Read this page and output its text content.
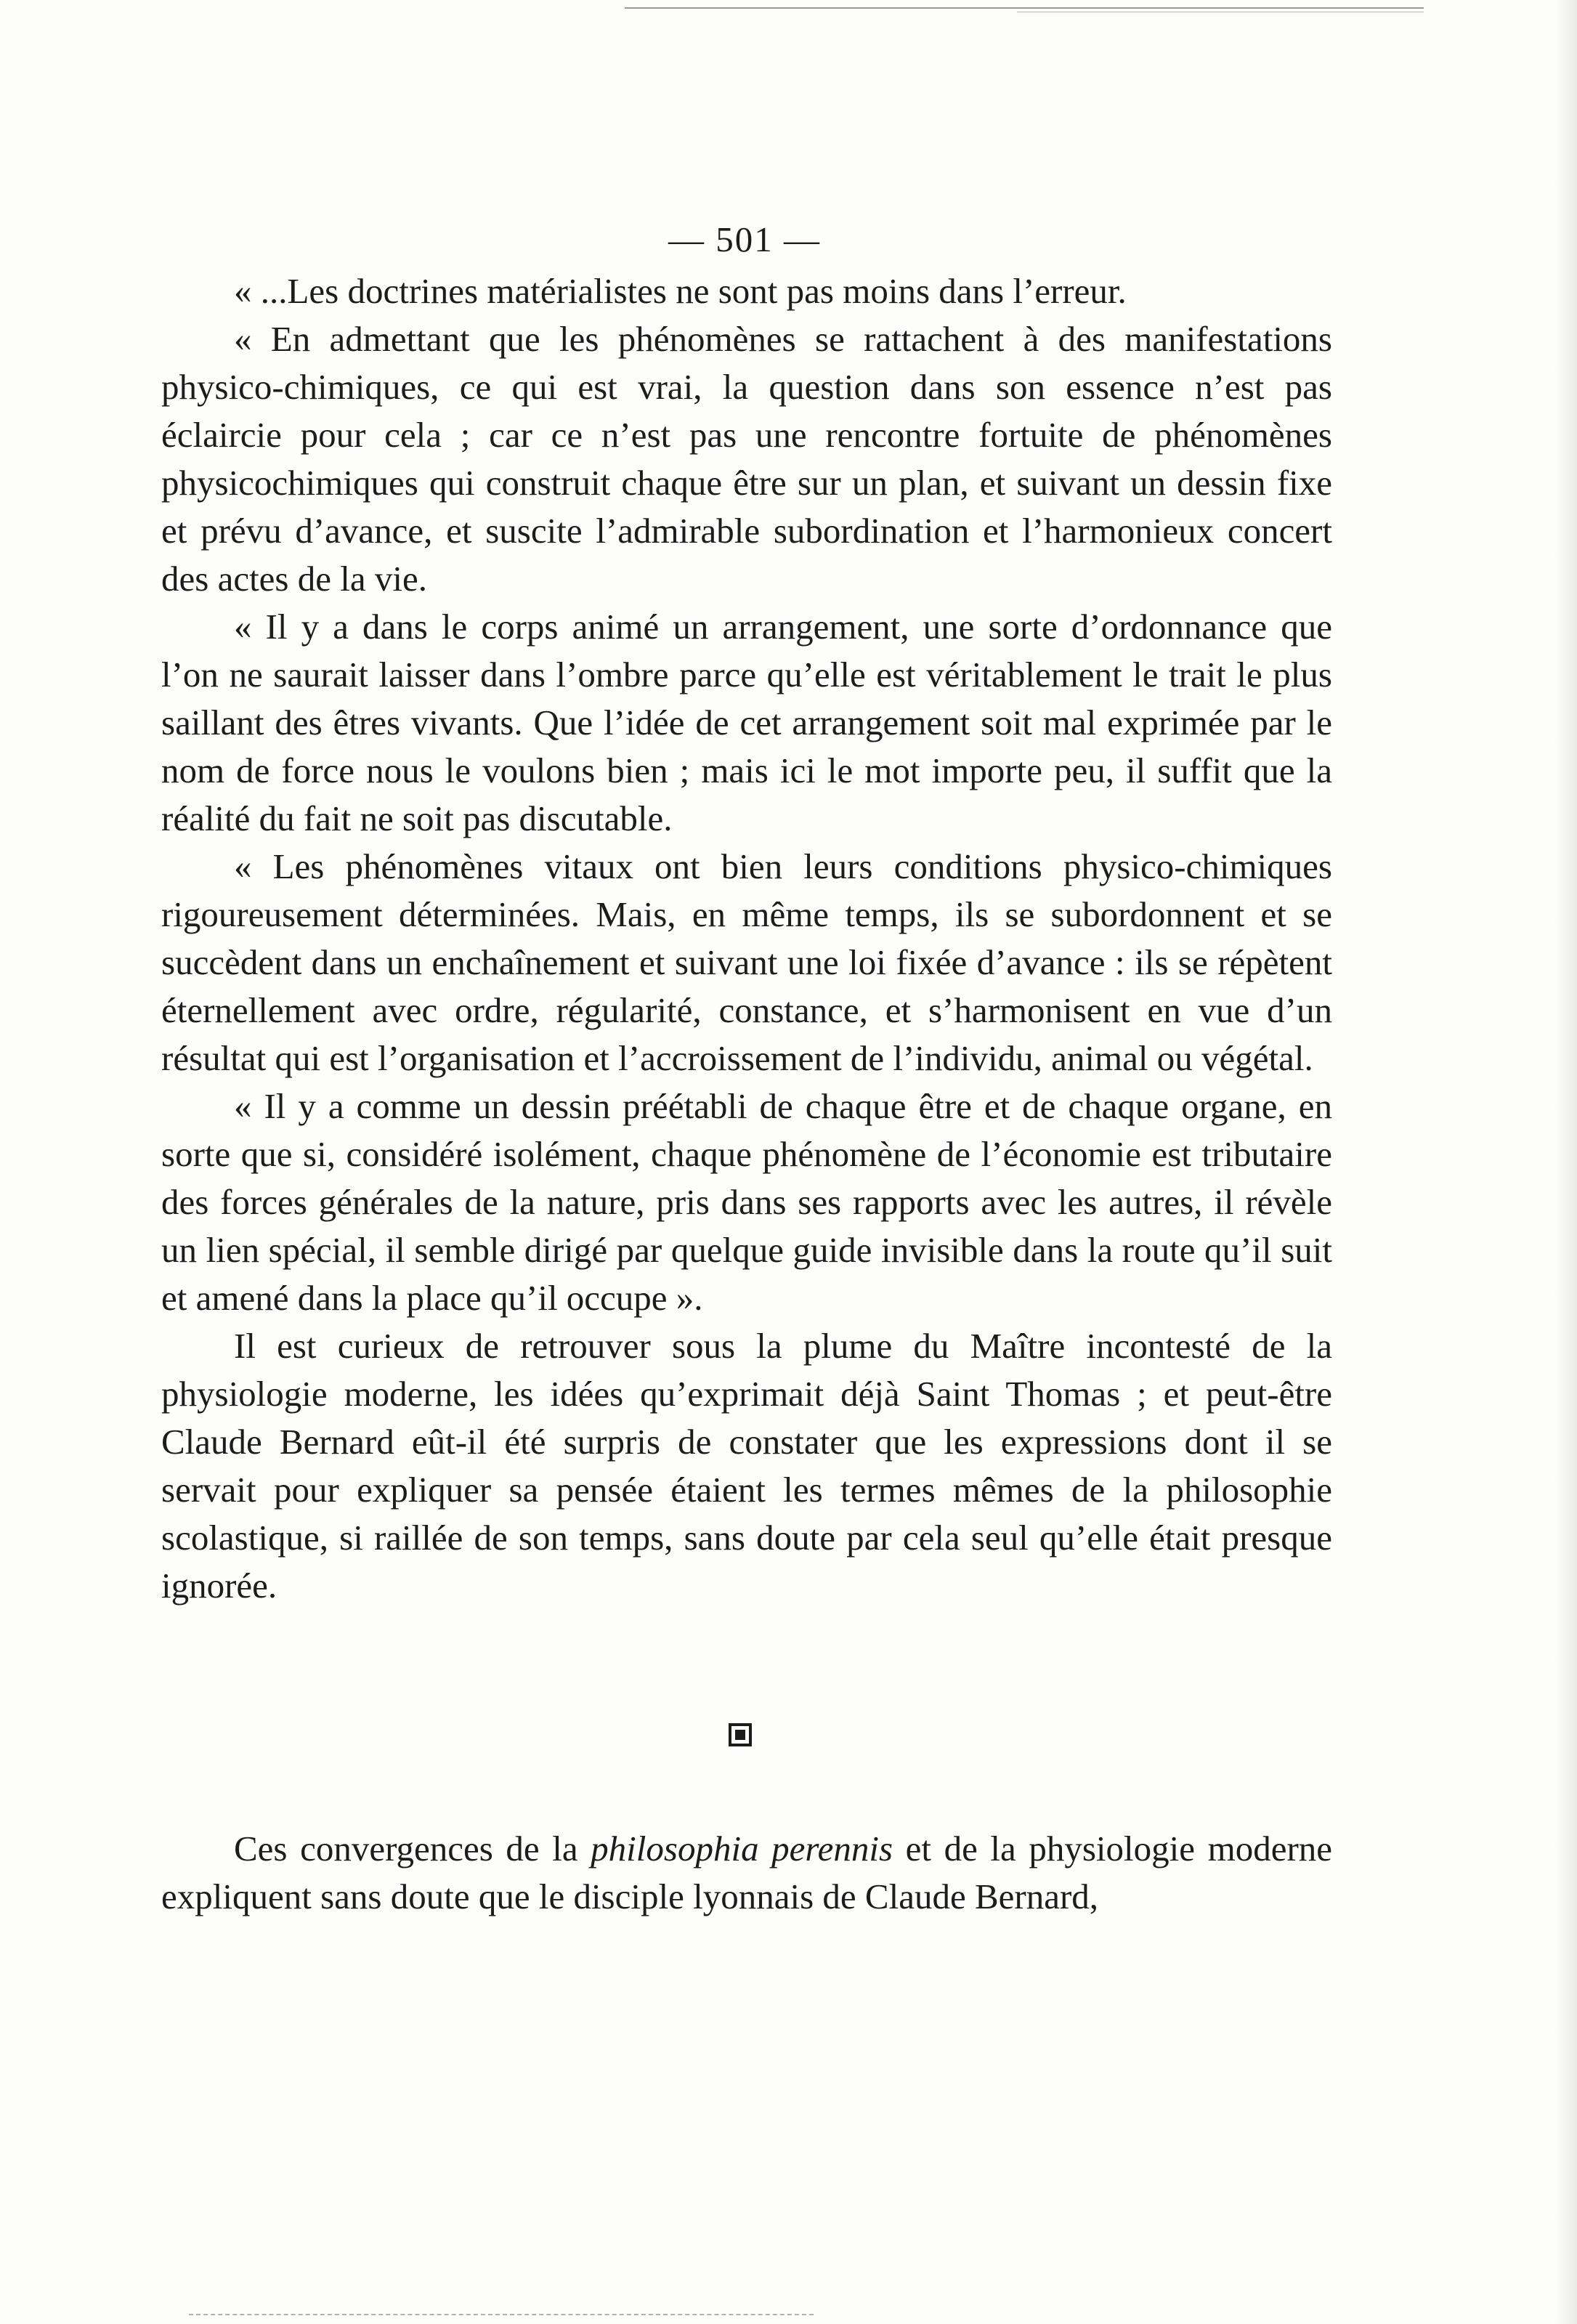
— 501 —

« ...Les doctrines matérialistes ne sont pas moins dans l’erreur.

« En admettant que les phénomènes se rattachent à des manifestations physico-chimiques, ce qui est vrai, la question dans son essence n’est pas éclaircie pour cela ; car ce n’est pas une rencontre fortuite de phénomènes physicochimiques qui construit chaque être sur un plan, et suivant un dessin fixe et prévu d’avance, et suscite l’admirable subordination et l’harmonieux concert des actes de la vie.

« Il y a dans le corps animé un arrangement, une sorte d’ordonnance que l’on ne saurait laisser dans l’ombre parce qu’elle est véritablement le trait le plus saillant des êtres vivants. Que l’idée de cet arrangement soit mal exprimée par le nom de force nous le voulons bien ; mais ici le mot importe peu, il suffit que la réalité du fait ne soit pas discutable.

« Les phénomènes vitaux ont bien leurs conditions physico-chimiques rigoureusement déterminées. Mais, en même temps, ils se subordonnent et se succèdent dans un enchaînement et suivant une loi fixée d’avance : ils se répètent éternellement avec ordre, régularité, constance, et s’harmonisent en vue d’un résultat qui est l’organisation et l’accroissement de l’individu, animal ou végétal.

« Il y a comme un dessin préétabli de chaque être et de chaque organe, en sorte que si, considéré isolément, chaque phénomène de l’économie est tributaire des forces générales de la nature, pris dans ses rapports avec les autres, il révèle un lien spécial, il semble dirigé par quelque guide invisible dans la route qu’il suit et amené dans la place qu’il occupe ».

Il est curieux de retrouver sous la plume du Maître incontesté de la physiologie moderne, les idées qu’exprimait déjà Saint Thomas ; et peut-être Claude Bernard eût-il été surpris de constater que les expressions dont il se servait pour expliquer sa pensée étaient les termes mêmes de la philosophie scolastique, si raillée de son temps, sans doute par cela seul qu’elle était presque ignorée.

Ces convergences de la philosophia perennis et de la physiologie moderne expliquent sans doute que le disciple lyonnais de Claude Bernard,
